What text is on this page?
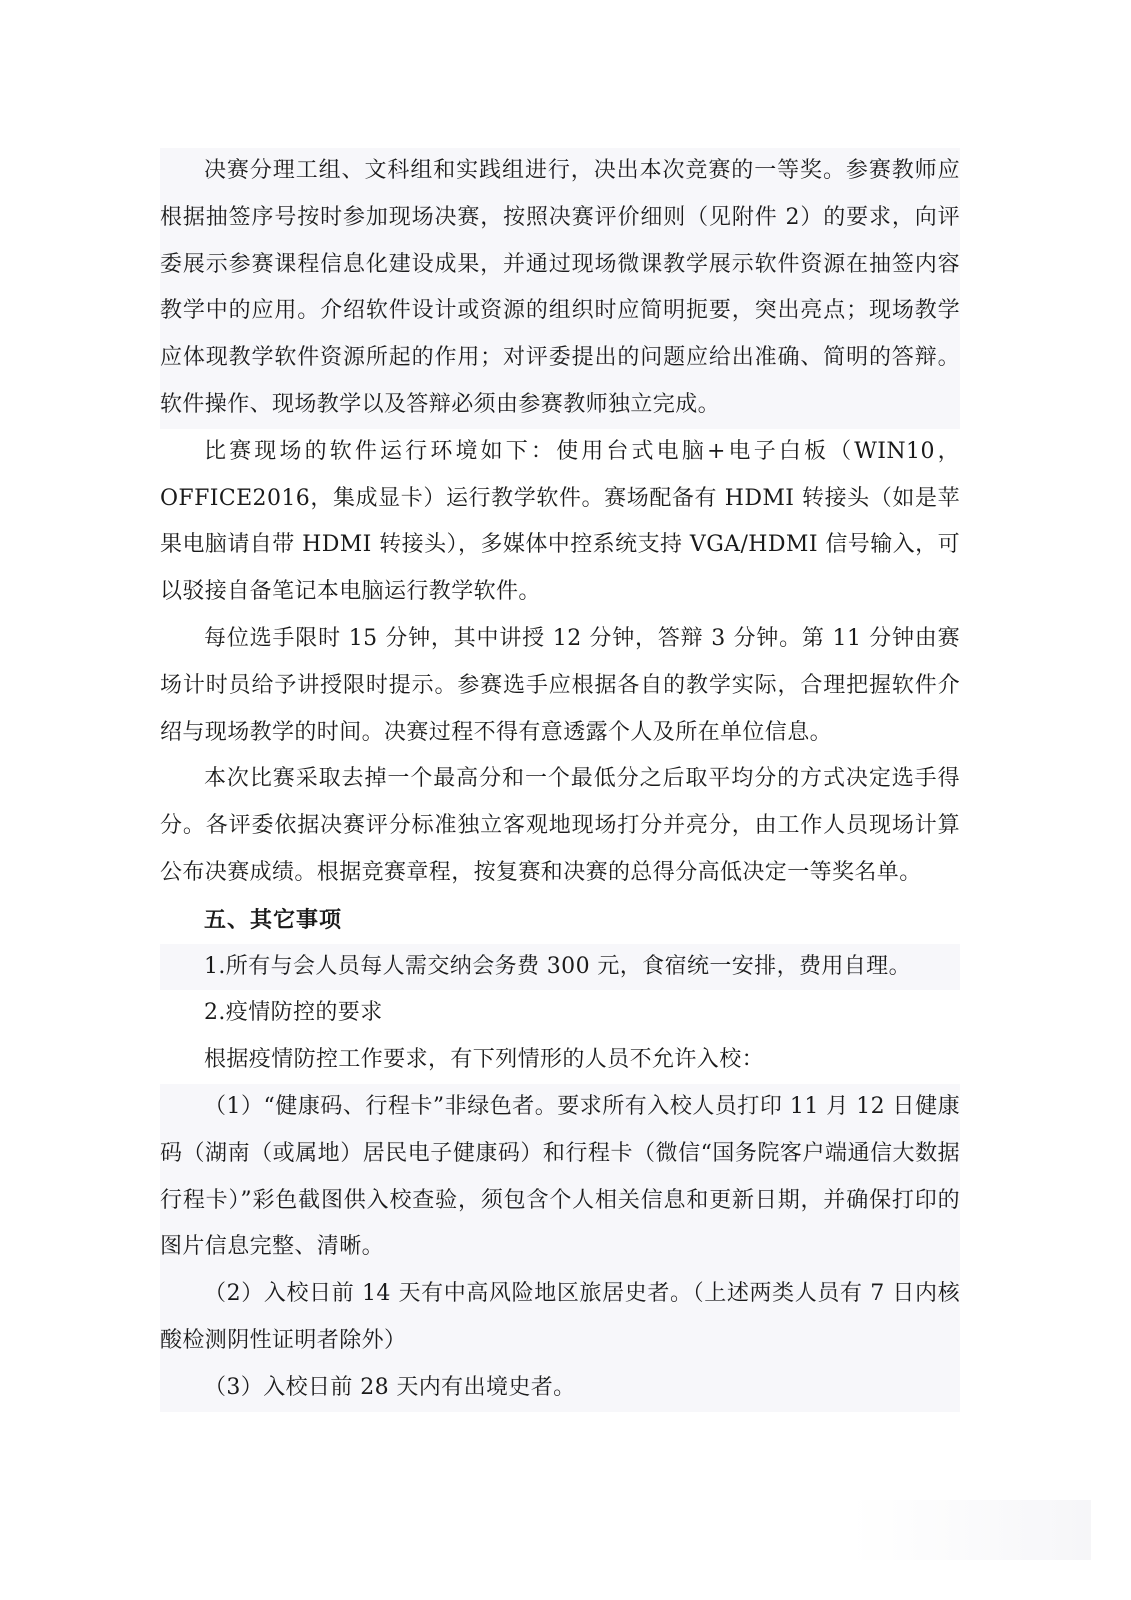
决赛分理工组、文科组和实践组进行，决出本次竞赛的一等奖。参赛教师应根据抽签序号按时参加现场决赛，按照决赛评价细则（见附件 2）的要求，向评委展示参赛课程信息化建设成果，并通过现场微课教学展示软件资源在抽签内容教学中的应用。介绍软件设计或资源的组织时应简明扼要，突出亮点；现场教学应体现教学软件资源所起的作用；对评委提出的问题应给出准确、简明的答辩。软件操作、现场教学以及答辩必须由参赛教师独立完成。

比赛现场的软件运行环境如下：使用台式电脑+电子白板（WIN10，OFFICE2016，集成显卡）运行教学软件。赛场配备有 HDMI 转接头（如是苹果电脑请自带 HDMI 转接头），多媒体中控系统支持 VGA/HDMI 信号输入，可以驳接自备笔记本电脑运行教学软件。

每位选手限时 15 分钟，其中讲授 12 分钟，答辩 3 分钟。第 11 分钟由赛场计时员给予讲授限时提示。参赛选手应根据各自的教学实际，合理把握软件介绍与现场教学的时间。决赛过程不得有意透露个人及所在单位信息。

本次比赛采取去掉一个最高分和一个最低分之后取平均分的方式决定选手得分。各评委依据决赛评分标准独立客观地现场打分并亮分，由工作人员现场计算公布决赛成绩。根据竞赛章程，按复赛和决赛的总得分高低决定一等奖名单。

五、其它事项

1.所有与会人员每人需交纳会务费 300 元，食宿统一安排，费用自理。

2.疫情防控的要求

根据疫情防控工作要求，有下列情形的人员不允许入校：

（1）“健康码、行程卡”非绿色者。要求所有入校人员打印 11 月 12 日健康码（湖南（或属地）居民电子健康码）和行程卡（微信“国务院客户端通信大数据行程卡）”彩色截图供入校查验，须包含个人相关信息和更新日期，并确保打印的图片信息完整、清晰。

（2）入校日前 14 天有中高风险地区旅居史者。（上述两类人员有 7 日内核酸检测阴性证明者除外）

（3）入校日前 28 天内有出境史者。
